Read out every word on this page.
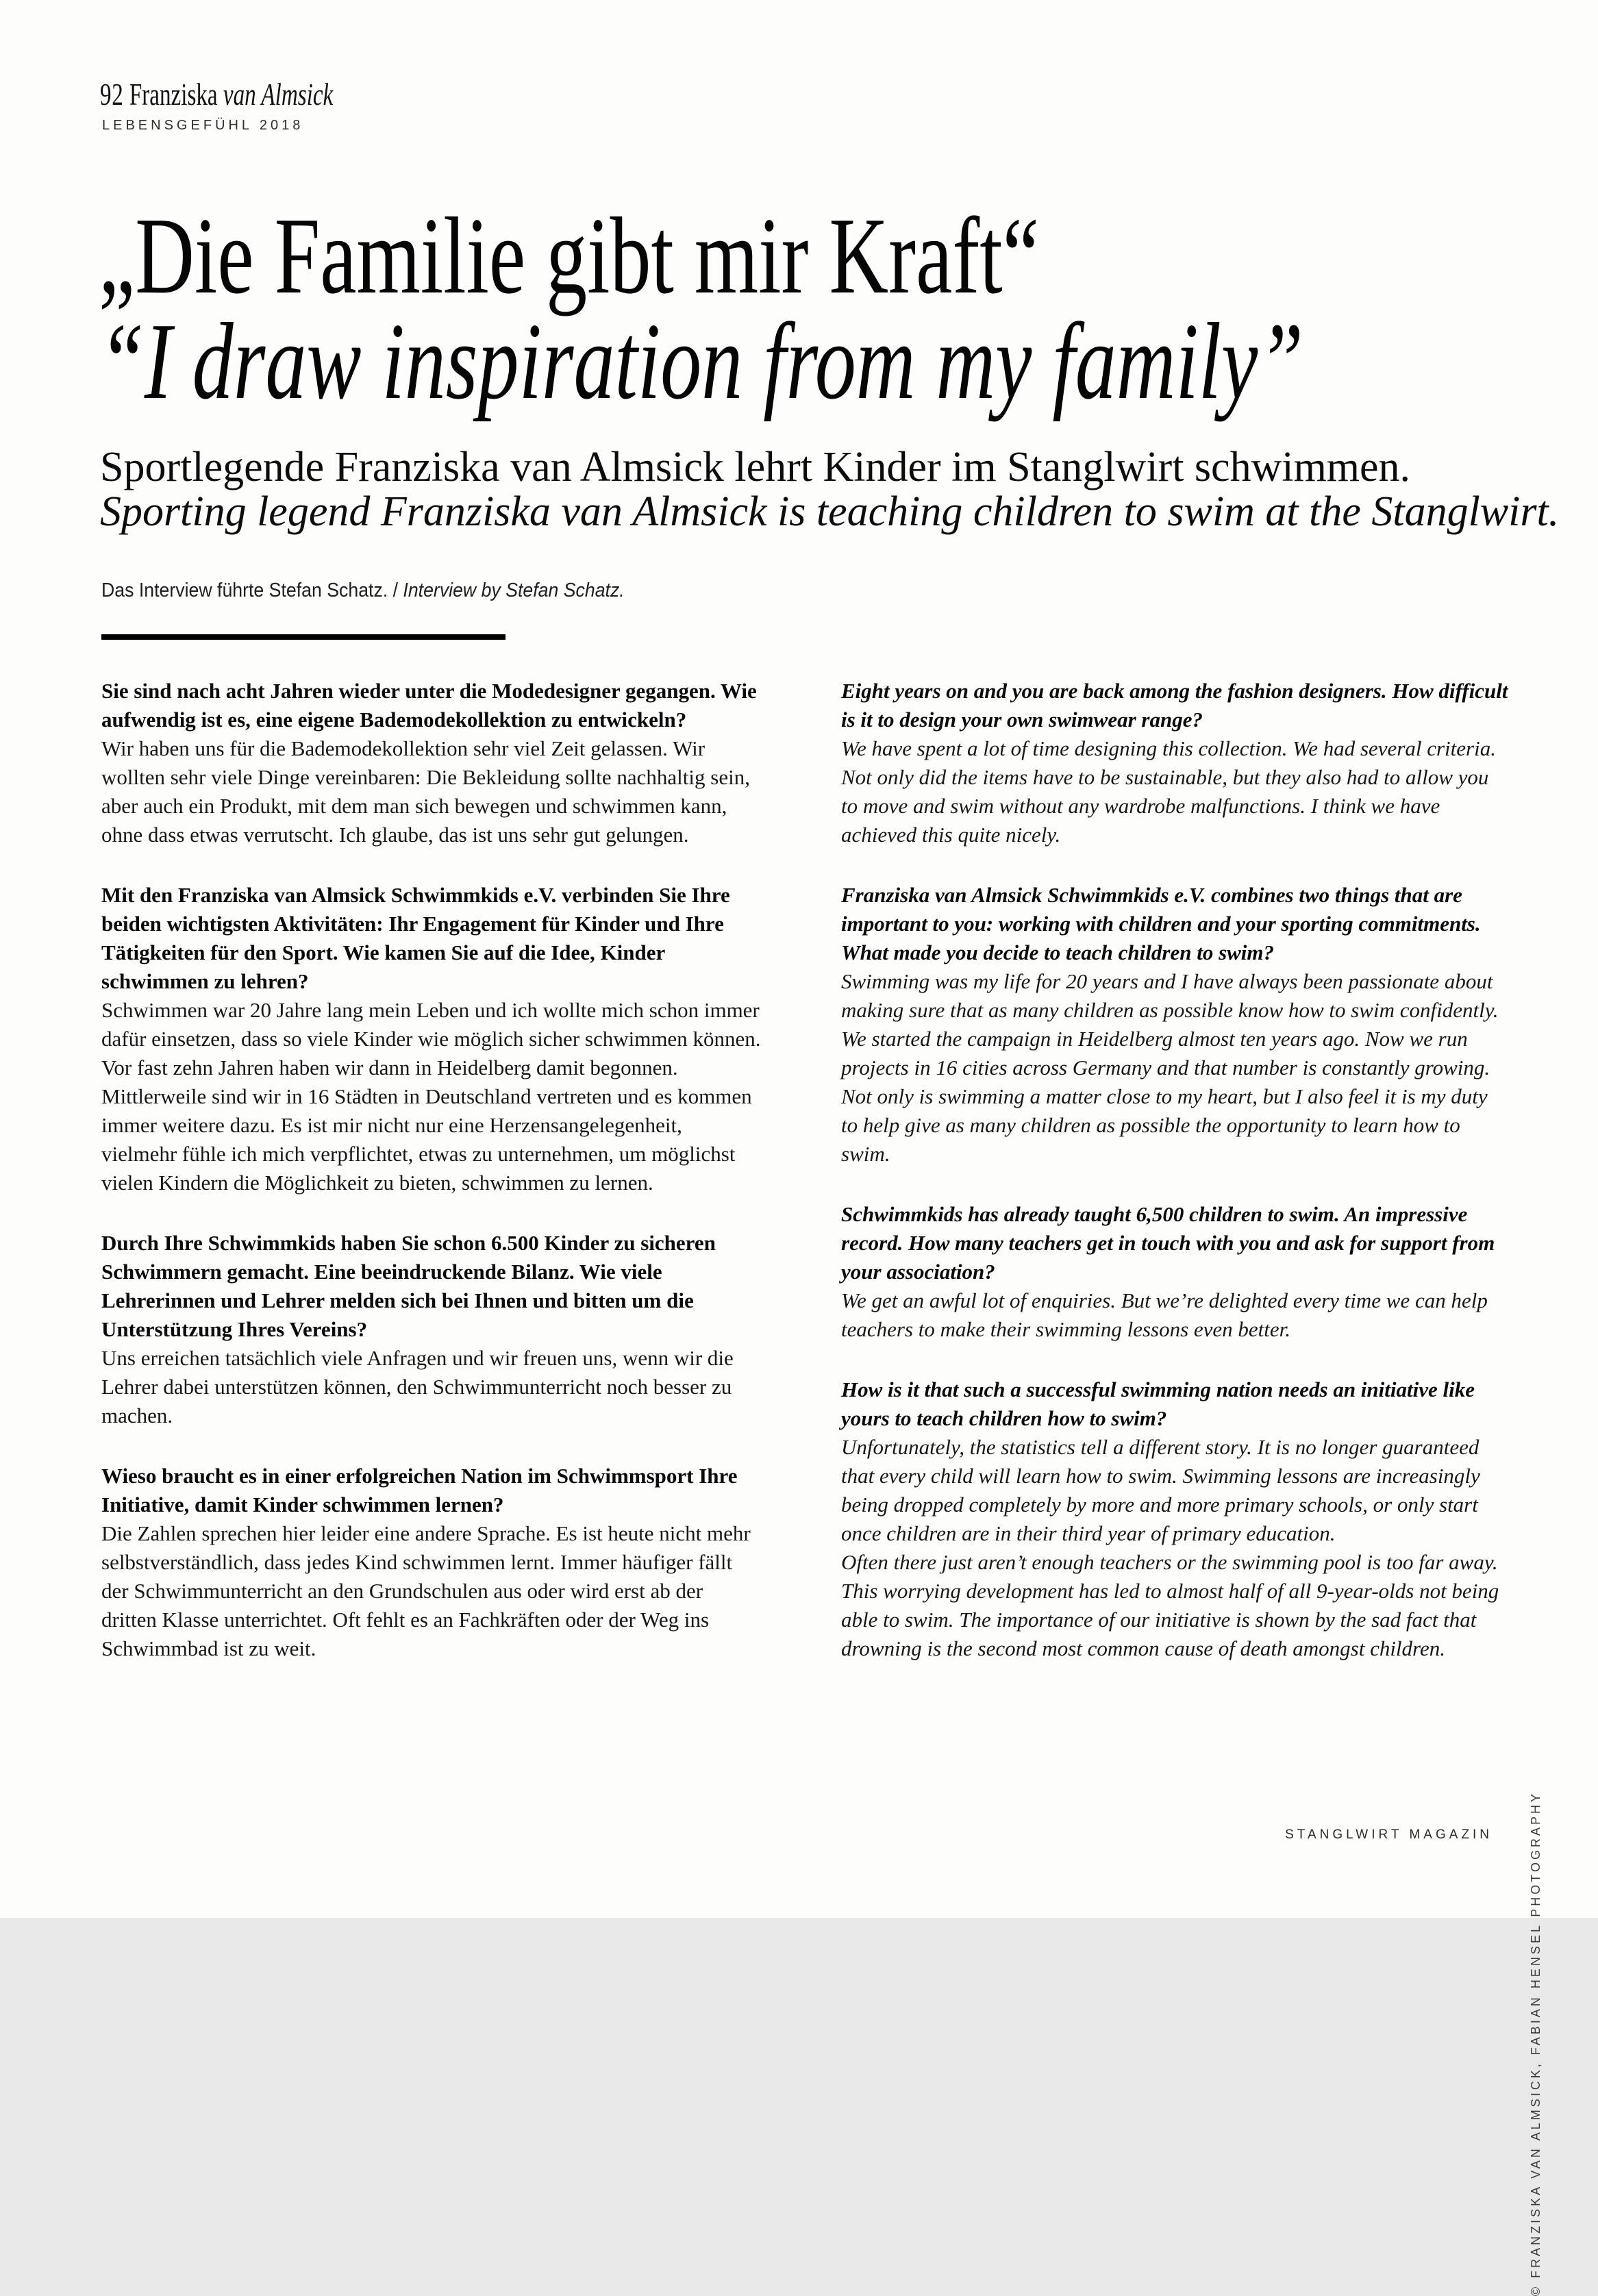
92 Franziska van Almsick
LEBENSGEFÜHL 2018
„Die Familie gibt mir Kraft“
“I draw inspiration from my family”
Sportlegende Franziska van Almsick lehrt Kinder im Stanglwirt schwimmen.
Sporting legend Franziska van Almsick is teaching children to swim at the Stanglwirt.
Das Interview führte Stefan Schatz. / Interview by Stefan Schatz.

Sie sind nach acht Jahren wieder unter die Modedesigner gegangen. Wie aufwendig ist es, eine eigene Bademodekollektion zu entwickeln?

Wir haben uns für die Bademodekollektion sehr viel Zeit gelassen. Wir wollten sehr viele Dinge vereinbaren: Die Bekleidung sollte nachhaltig sein, aber auch ein Produkt, mit dem man sich bewegen und schwimmen kann, ohne dass etwas verrutscht. Ich glaube, das ist uns sehr gut gelungen.

Mit den Franziska van Almsick Schwimmkids e.V. verbinden Sie Ihre beiden wichtigsten Aktivitäten: Ihr Engagement für Kinder und Ihre Tätigkeiten für den Sport. Wie kamen Sie auf die Idee, Kinder schwimmen zu lehren?

Schwimmen war 20 Jahre lang mein Leben und ich wollte mich schon immer dafür einsetzen, dass so viele Kinder wie möglich sicher schwimmen können. Vor fast zehn Jahren haben wir dann in Heidelberg damit begonnen. Mittlerweile sind wir in 16 Städten in Deutschland vertreten und es kommen immer weitere dazu. Es ist mir nicht nur eine Herzensangelegenheit, vielmehr fühle ich mich verpflichtet, etwas zu unternehmen, um möglichst vielen Kindern die Möglichkeit zu bieten, schwimmen zu lernen.

Durch Ihre Schwimmkids haben Sie schon 6.500 Kinder zu sicheren Schwimmern gemacht. Eine beeindruckende Bilanz. Wie viele Lehrerinnen und Lehrer melden sich bei Ihnen und bitten um die Unterstützung Ihres Vereins?

Uns erreichen tatsächlich viele Anfragen und wir freuen uns, wenn wir die Lehrer dabei unterstützen können, den Schwimmunterricht noch besser zu machen.

Wieso braucht es in einer erfolgreichen Nation im Schwimmsport Ihre Initiative, damit Kinder schwimmen lernen?

Die Zahlen sprechen hier leider eine andere Sprache. Es ist heute nicht mehr selbstverständlich, dass jedes Kind schwimmen lernt. Immer häufiger fällt der Schwimmunterricht an den Grundschulen aus oder wird erst ab der dritten Klasse unterrichtet. Oft fehlt es an Fachkräften oder der Weg ins Schwimmbad ist zu weit.

Eight years on and you are back among the fashion designers. How difficult is it to design your own swimwear range?

We have spent a lot of time designing this collection. We had several criteria. Not only did the items have to be sustainable, but they also had to allow you to move and swim without any wardrobe malfunctions. I think we have achieved this quite nicely.

Franziska van Almsick Schwimmkids e.V. combines two things that are important to you: working with children and your sporting commitments. What made you decide to teach children to swim?

Swimming was my life for 20 years and I have always been passionate about making sure that as many children as possible know how to swim confidently. We started the campaign in Heidelberg almost ten years ago. Now we run projects in 16 cities across Germany and that number is constantly growing. Not only is swimming a matter close to my heart, but I also feel it is my duty to help give as many children as possible the opportunity to learn how to swim.

Schwimmkids has already taught 6,500 children to swim. An impressive record. How many teachers get in touch with you and ask for support from your association?

We get an awful lot of enquiries. But we’re delighted every time we can help teachers to make their swimming lessons even better.

How is it that such a successful swimming nation needs an initiative like yours to teach children how to swim?

Unfortunately, the statistics tell a different story. It is no longer guaranteed that every child will learn how to swim. Swimming lessons are increasingly being dropped completely by more and more primary schools, or only start once children are in their third year of primary education.

Often there just aren’t enough teachers or the swimming pool is too far away. This worrying development has led to almost half of all 9-year-olds not being able to swim. The importance of our initiative is shown by the sad fact that drowning is the second most common cause of death amongst children.

© FRANZISKA VAN ALMSICK, FABIAN HENSEL PHOTOGRAPHY
STANGLWIRT MAGAZIN
